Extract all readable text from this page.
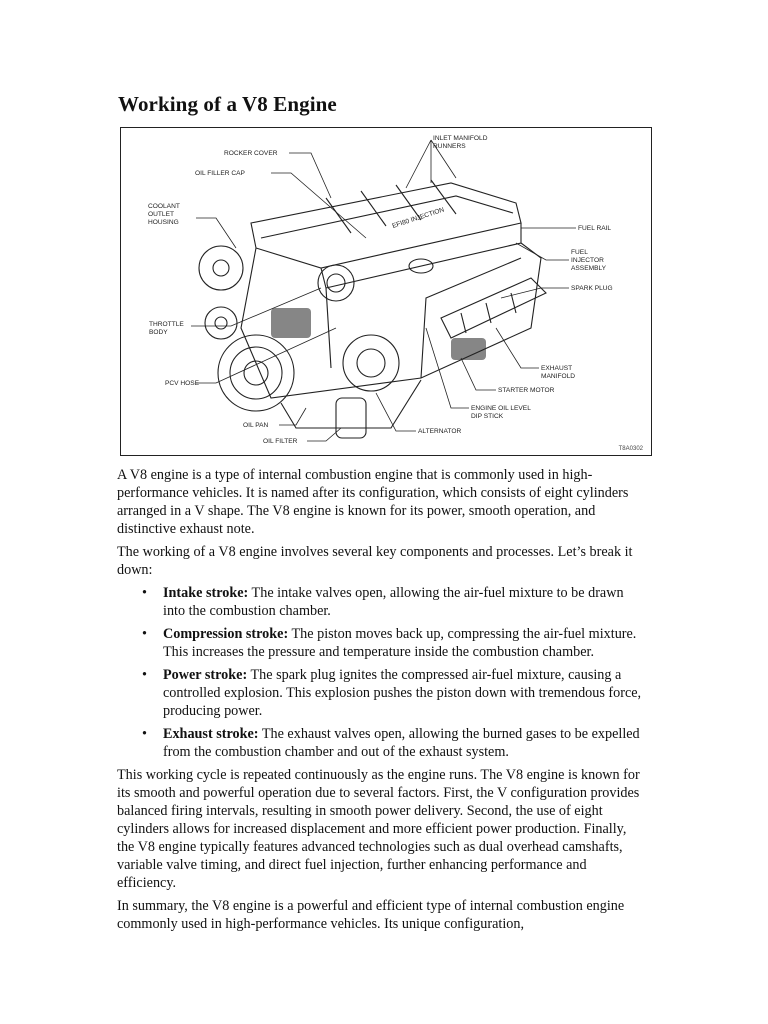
Working of a V8 Engine
EFI80 INJECTION
INLET MANIFOLD RUNNERS
ROCKER COVER
OIL FILLER CAP
COOLANT OUTLET HOUSING
FUEL RAIL
FUEL INJECTOR ASSEMBLY
SPARK PLUG
THROTTLE BODY
EXHAUST MANIFOLD
PCV HOSE
STARTER MOTOR
ENGINE OIL LEVEL DIP STICK
OIL PAN
OIL FILTER
ALTERNATOR
T8A0302

A V8 engine is a type of internal combustion engine that is commonly used in high-performance vehicles. It is named after its configuration, which consists of eight cylinders arranged in a V shape. The V8 engine is known for its power, smooth operation, and distinctive exhaust note.

The working of a V8 engine involves several key components and processes. Let’s break it down:

• Intake stroke: The intake valves open, allowing the air-fuel mixture to be drawn into the combustion chamber.
• Compression stroke: The piston moves back up, compressing the air-fuel mixture. This increases the pressure and temperature inside the combustion chamber.
• Power stroke: The spark plug ignites the compressed air-fuel mixture, causing a controlled explosion. This explosion pushes the piston down with tremendous force, producing power.
• Exhaust stroke: The exhaust valves open, allowing the burned gases to be expelled from the combustion chamber and out of the exhaust system.

This working cycle is repeated continuously as the engine runs. The V8 engine is known for its smooth and powerful operation due to several factors. First, the V configuration provides balanced firing intervals, resulting in smooth power delivery. Second, the use of eight cylinders allows for increased displacement and more efficient power production. Finally, the V8 engine typically features advanced technologies such as dual overhead camshafts, variable valve timing, and direct fuel injection, further enhancing performance and efficiency.

In summary, the V8 engine is a powerful and efficient type of internal combustion engine commonly used in high-performance vehicles. Its unique configuration,
